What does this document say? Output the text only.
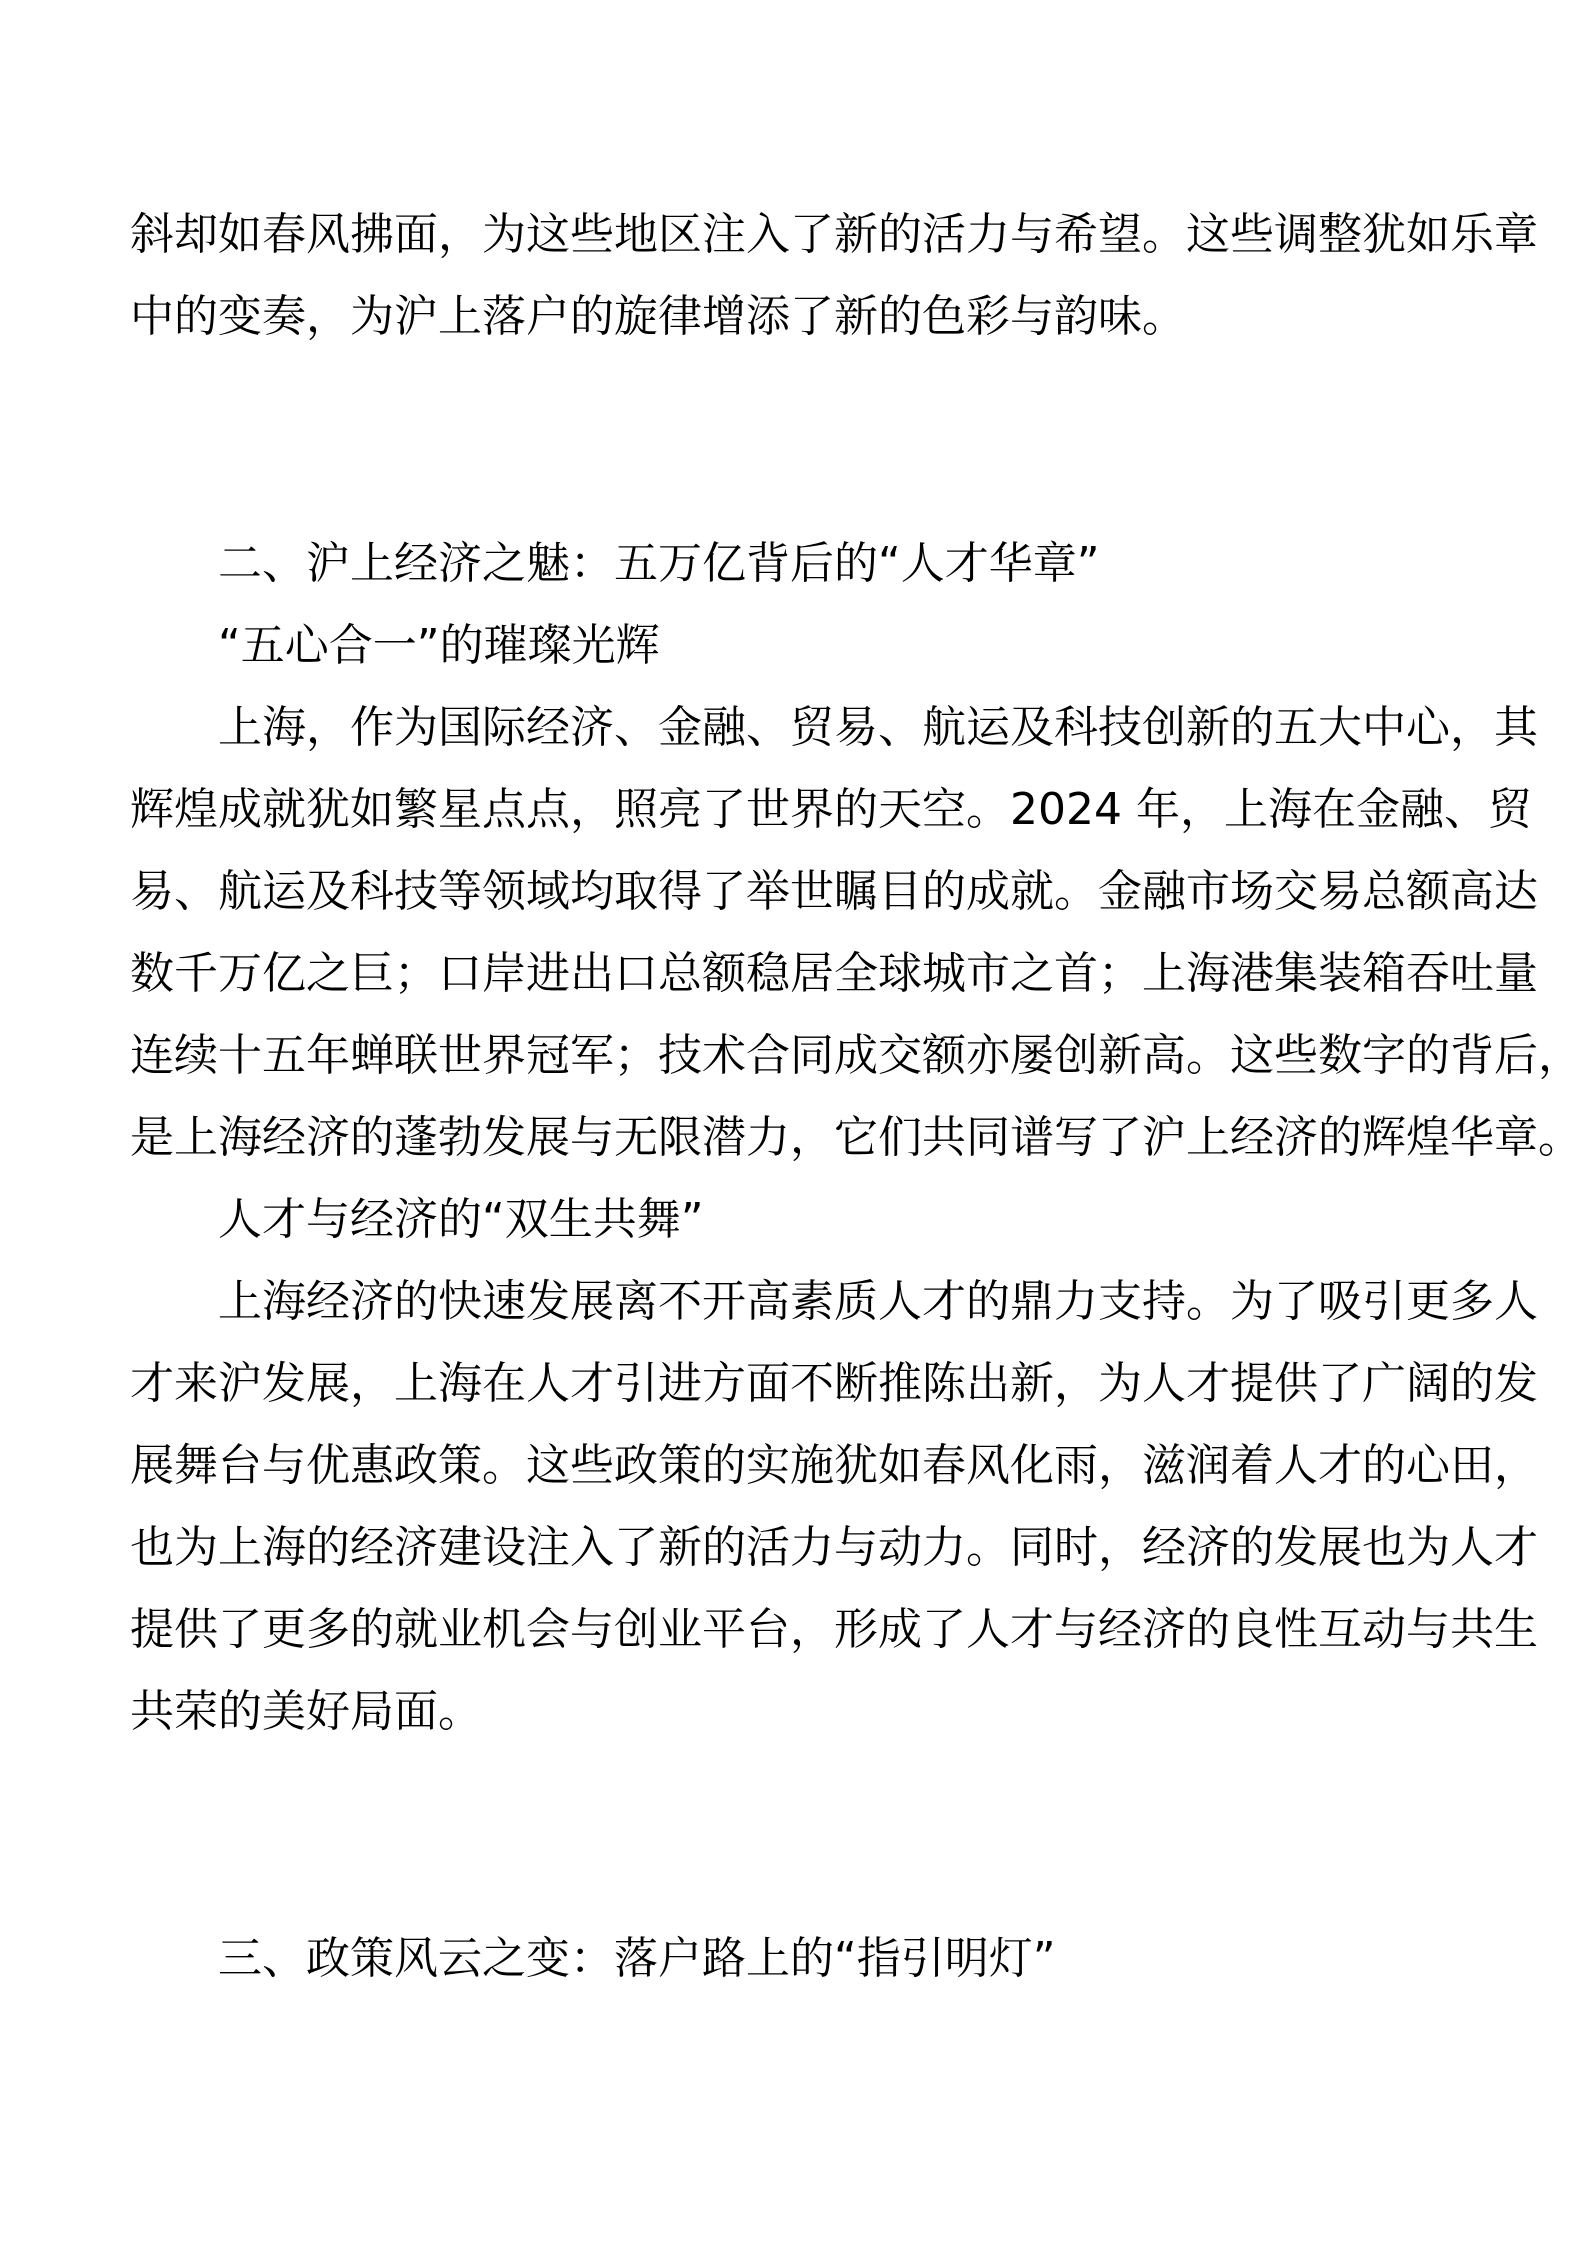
斜却如春风拂面，为这些地区注入了新的活力与希望。这些调整犹如乐章
中的变奏，为沪上落户的旋律增添了新的色彩与韵味。
二、沪上经济之魅：五万亿背后的“人才华章”
“五心合一”的璀璨光辉
上海，作为国际经济、金融、贸易、航运及科技创新的五大中心，其
辉煌成就犹如繁星点点，照亮了世界的天空。2024 年，上海在金融、贸
易、航运及科技等领域均取得了举世瞩目的成就。金融市场交易总额高达
数千万亿之巨；口岸进出口总额稳居全球城市之首；上海港集装箱吞吐量
连续十五年蝉联世界冠军；技术合同成交额亦屡创新高。这些数字的背后，
是上海经济的蓬勃发展与无限潜力，它们共同谱写了沪上经济的辉煌华章。
人才与经济的“双生共舞”
上海经济的快速发展离不开高素质人才的鼎力支持。为了吸引更多人
才来沪发展，上海在人才引进方面不断推陈出新，为人才提供了广阔的发
展舞台与优惠政策。这些政策的实施犹如春风化雨，滋润着人才的心田，
也为上海的经济建设注入了新的活力与动力。同时，经济的发展也为人才
提供了更多的就业机会与创业平台，形成了人才与经济的良性互动与共生
共荣的美好局面。
三、政策风云之变：落户路上的“指引明灯”
